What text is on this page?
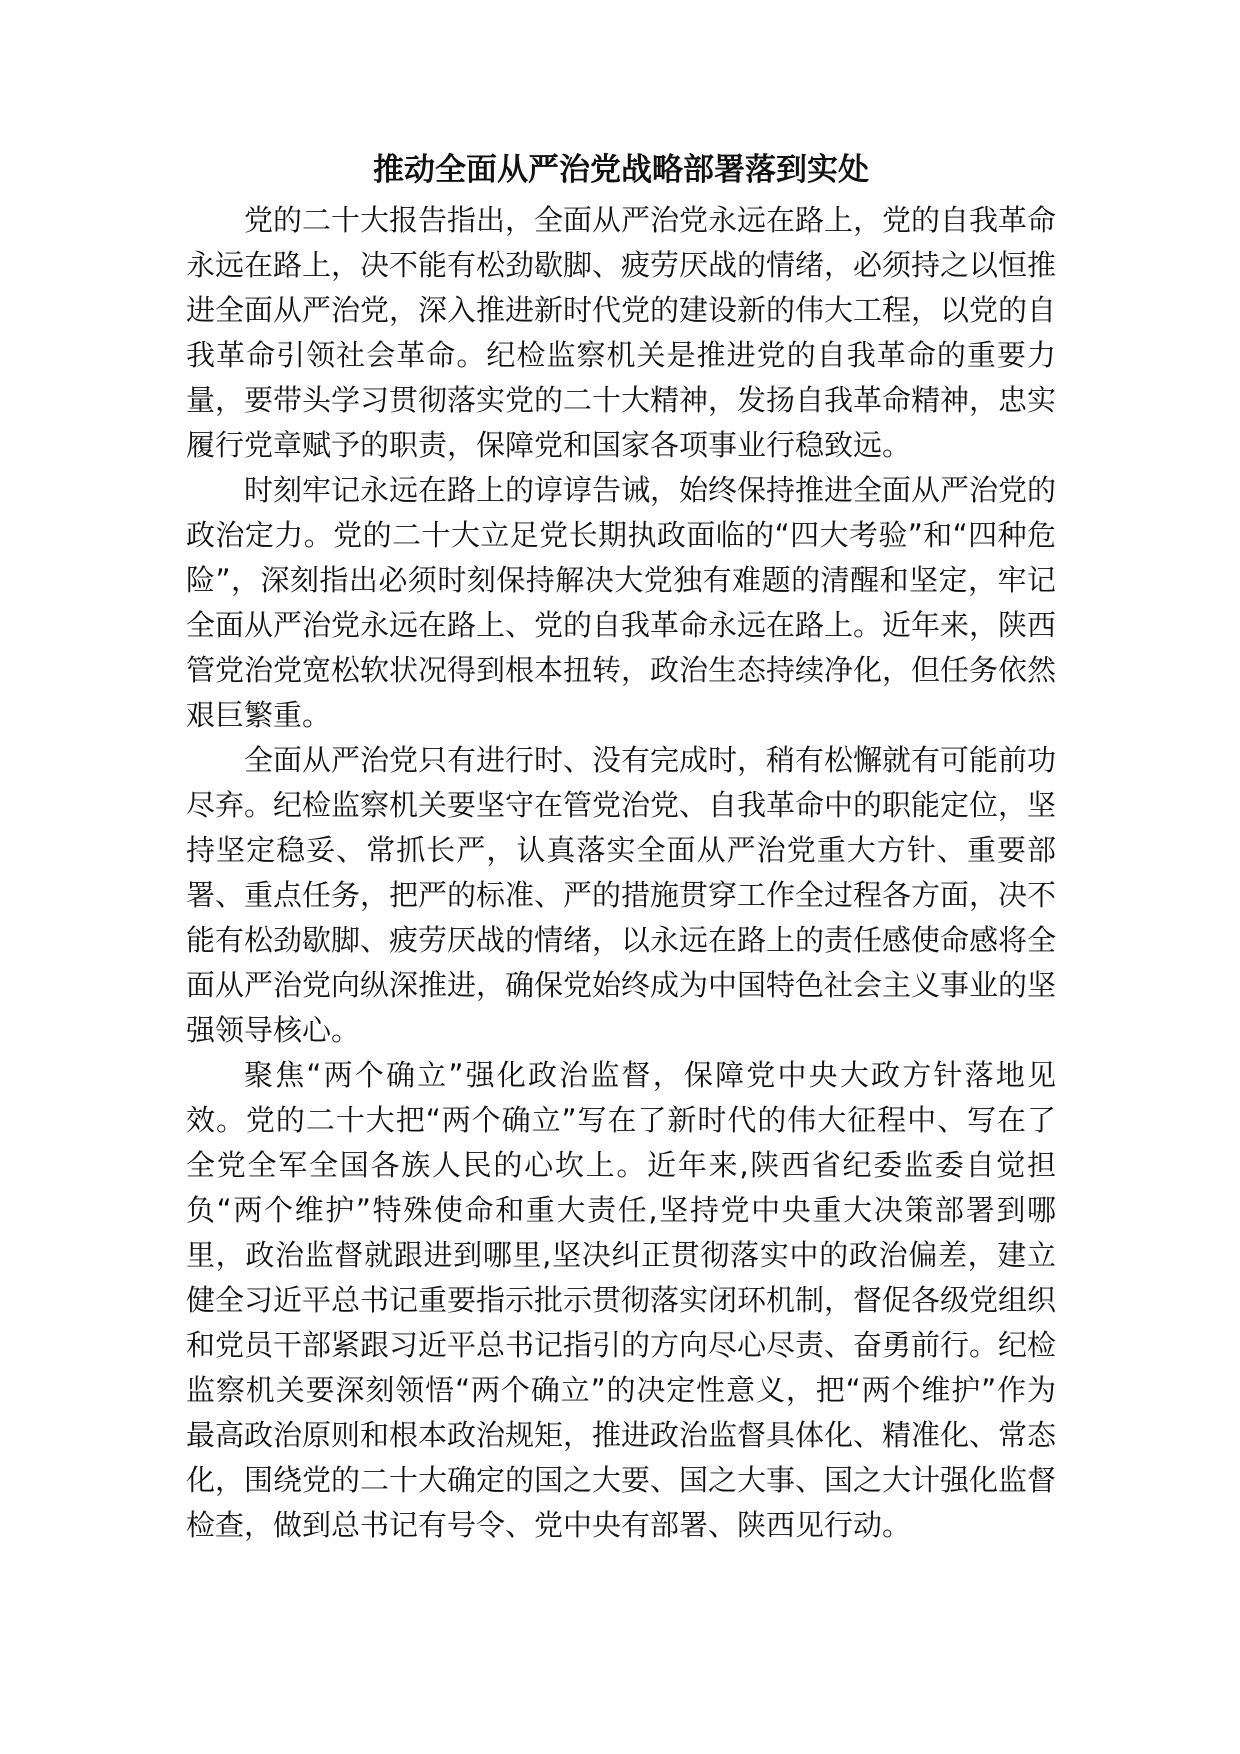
推动全面从严治党战略部署落到实处

党的二十大报告指出，全面从严治党永远在路上，党的自我革命永远在路上，决不能有松劲歇脚、疲劳厌战的情绪，必须持之以恒推进全面从严治党，深入推进新时代党的建设新的伟大工程，以党的自我革命引领社会革命。纪检监察机关是推进党的自我革命的重要力量，要带头学习贯彻落实党的二十大精神，发扬自我革命精神，忠实履行党章赋予的职责，保障党和国家各项事业行稳致远。

时刻牢记永远在路上的谆谆告诫，始终保持推进全面从严治党的政治定力。党的二十大立足党长期执政面临的“四大考验”和“四种危险”，深刻指出必须时刻保持解决大党独有难题的清醒和坚定，牢记全面从严治党永远在路上、党的自我革命永远在路上。近年来，陕西管党治党宽松软状况得到根本扭转，政治生态持续净化，但任务依然艰巨繁重。

全面从严治党只有进行时、没有完成时，稍有松懈就有可能前功尽弃。纪检监察机关要坚守在管党治党、自我革命中的职能定位，坚持坚定稳妥、常抓长严，认真落实全面从严治党重大方针、重要部署、重点任务，把严的标准、严的措施贯穿工作全过程各方面，决不能有松劲歇脚、疲劳厌战的情绪，以永远在路上的责任感使命感将全面从严治党向纵深推进，确保党始终成为中国特色社会主义事业的坚强领导核心。

聚焦“两个确立”强化政治监督，保障党中央大政方针落地见效。党的二十大把“两个确立”写在了新时代的伟大征程中、写在了全党全军全国各族人民的心坎上。近年来,陕西省纪委监委自觉担负“两个维护”特殊使命和重大责任,坚持党中央重大决策部署到哪里，政治监督就跟进到哪里,坚决纠正贯彻落实中的政治偏差，建立健全习近平总书记重要指示批示贯彻落实闭环机制，督促各级党组织和党员干部紧跟习近平总书记指引的方向尽心尽责、奋勇前行。纪检监察机关要深刻领悟“两个确立”的决定性意义，把“两个维护”作为最高政治原则和根本政治规矩，推进政治监督具体化、精准化、常态化，围绕党的二十大确定的国之大要、国之大事、国之大计强化监督检查，做到总书记有号令、党中央有部署、陕西见行动。
